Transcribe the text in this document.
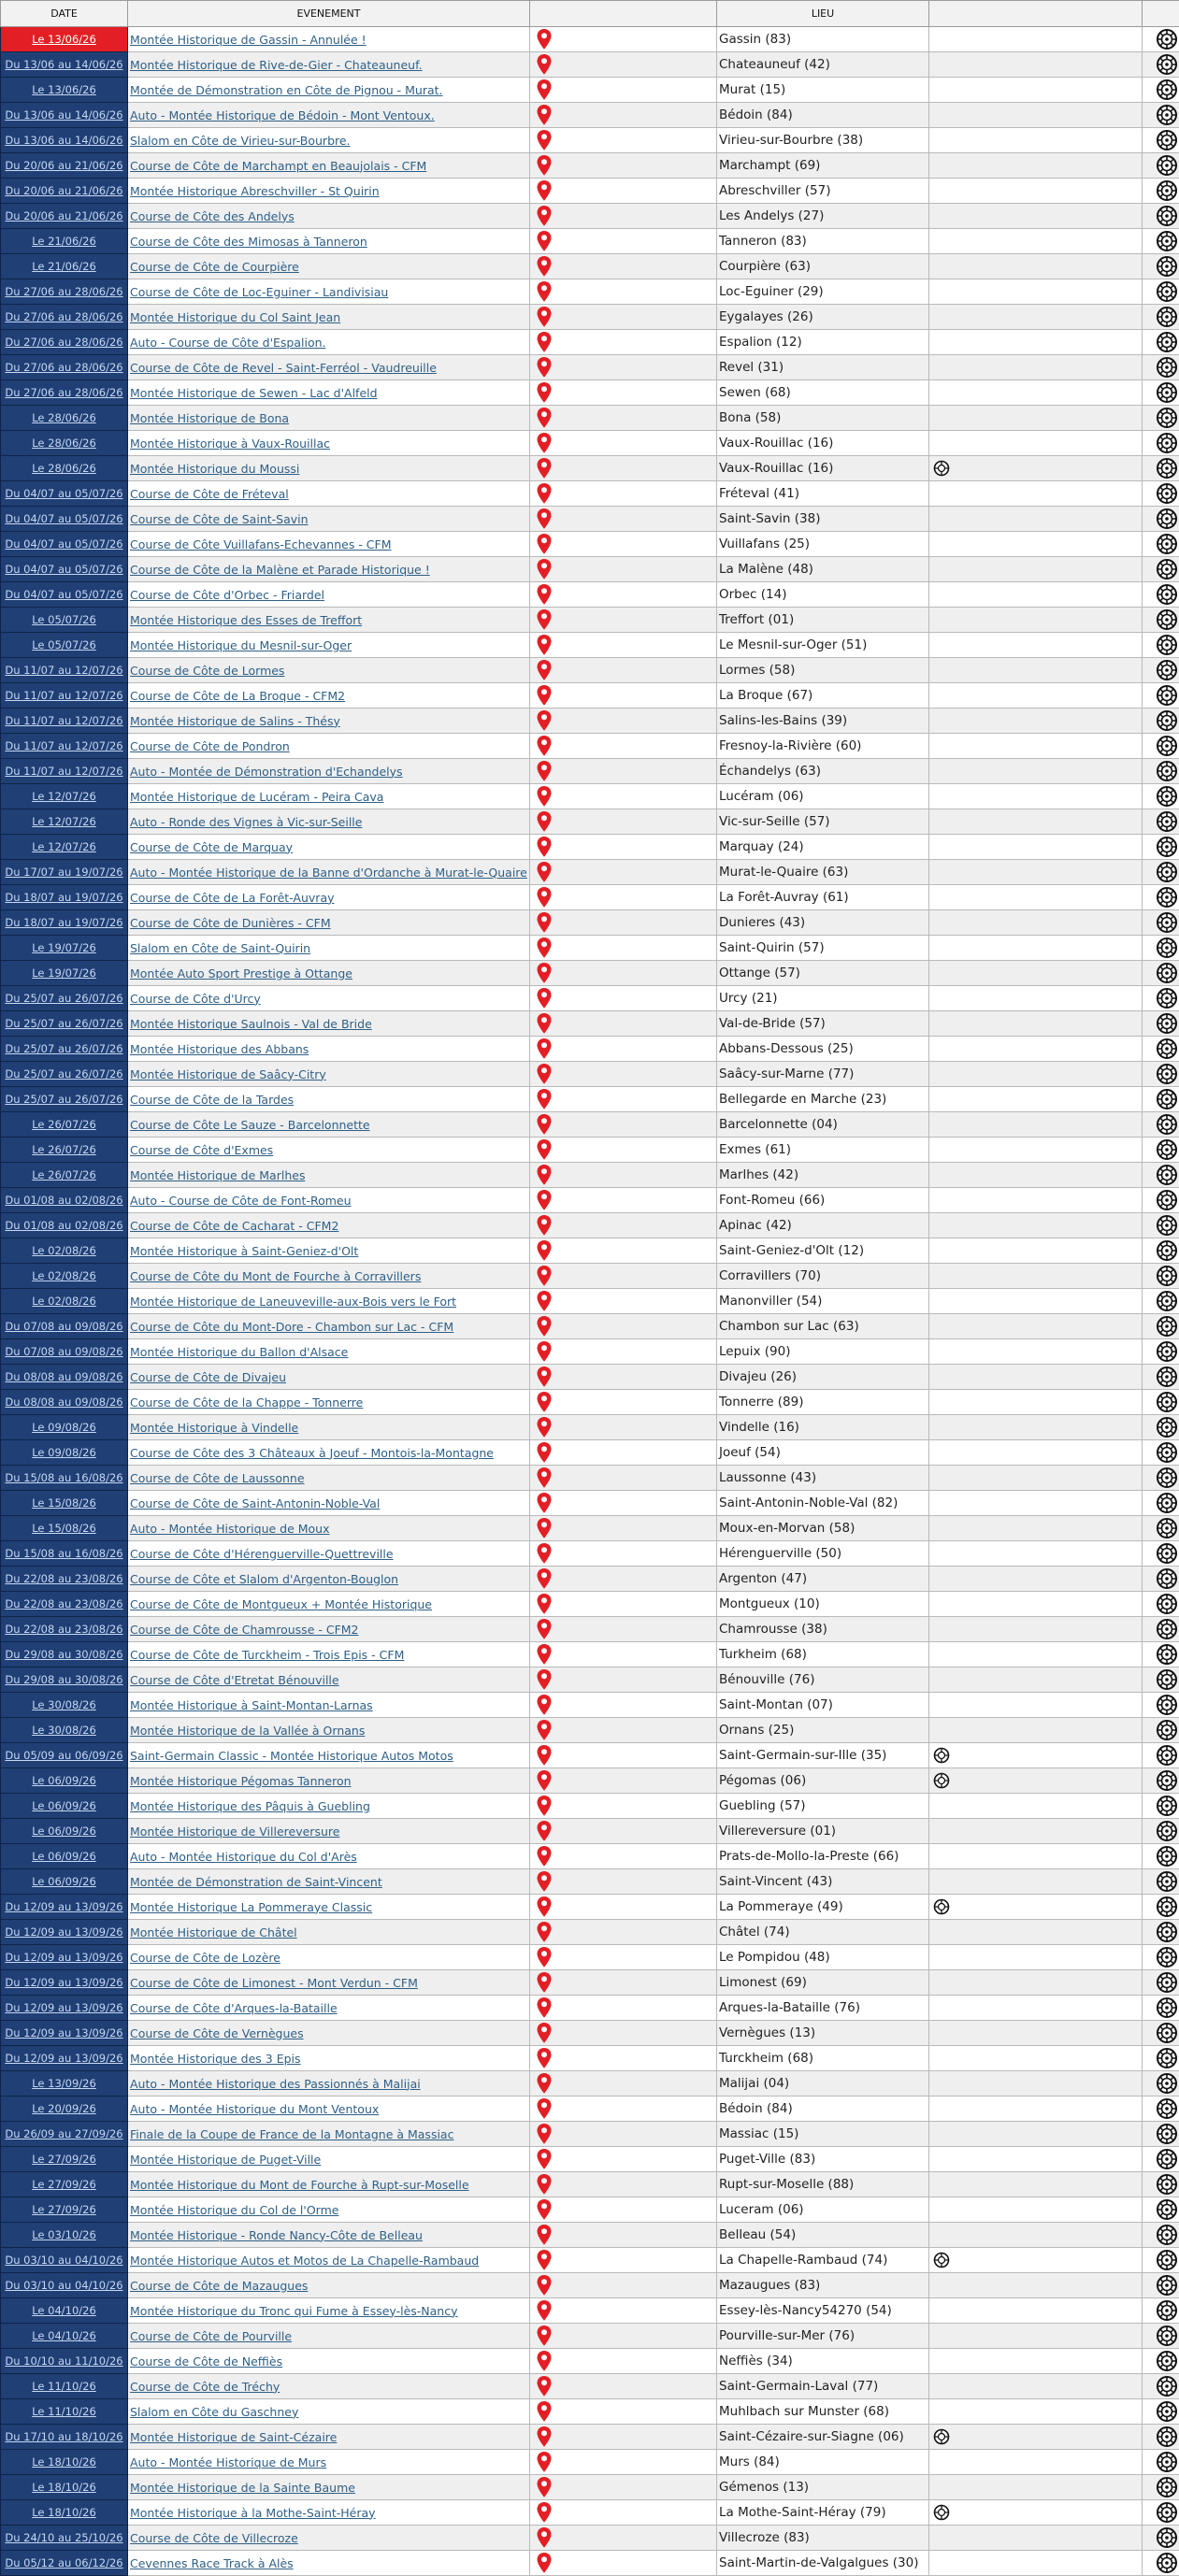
DATE	EVENEMENT		LIEU		
Le 13/06/26	Montée Historique de Gassin - Annulée !		Gassin (83)		
Du 13/06 au 14/06/26	Montée Historique de Rive-de-Gier - Chateauneuf.		Chateauneuf (42)		
Le 13/06/26	Montée de Démonstration en Côte de Pignou - Murat.		Murat (15)		
Du 13/06 au 14/06/26	Auto - Montée Historique de Bédoin - Mont Ventoux.		Bédoin (84)		
Du 13/06 au 14/06/26	Slalom en Côte de Virieu-sur-Bourbre.		Virieu-sur-Bourbre (38)		
Du 20/06 au 21/06/26	Course de Côte de Marchampt en Beaujolais - CFM		Marchampt (69)		
Du 20/06 au 21/06/26	Montée Historique Abreschviller - St Quirin		Abreschviller (57)		
Du 20/06 au 21/06/26	Course de Côte des Andelys		Les Andelys (27)		
Le 21/06/26	Course de Côte des Mimosas à Tanneron		Tanneron (83)		
Le 21/06/26	Course de Côte de Courpière		Courpière (63)		
Du 27/06 au 28/06/26	Course de Côte de Loc-Eguiner - Landivisiau		Loc-Eguiner (29)		
Du 27/06 au 28/06/26	Montée Historique du Col Saint Jean		Eygalayes (26)		
Du 27/06 au 28/06/26	Auto - Course de Côte d'Espalion.		Espalion (12)		
Du 27/06 au 28/06/26	Course de Côte de Revel - Saint-Ferréol - Vaudreuille		Revel (31)		
Du 27/06 au 28/06/26	Montée Historique de Sewen - Lac d'Alfeld		Sewen (68)		
Le 28/06/26	Montée Historique de Bona		Bona (58)		
Le 28/06/26	Montée Historique à Vaux-Rouillac		Vaux-Rouillac (16)		
Le 28/06/26	Montée Historique du Moussi		Vaux-Rouillac (16)		
Du 04/07 au 05/07/26	Course de Côte de Fréteval		Fréteval (41)		
Du 04/07 au 05/07/26	Course de Côte de Saint-Savin		Saint-Savin (38)		
Du 04/07 au 05/07/26	Course de Côte Vuillafans-Echevannes - CFM		Vuillafans (25)		
Du 04/07 au 05/07/26	Course de Côte de la Malène et Parade Historique !		La Malène (48)		
Du 04/07 au 05/07/26	Course de Côte d'Orbec - Friardel		Orbec (14)		
Le 05/07/26	Montée Historique des Esses de Treffort		Treffort (01)		
Le 05/07/26	Montée Historique du Mesnil-sur-Oger		Le Mesnil-sur-Oger (51)		
Du 11/07 au 12/07/26	Course de Côte de Lormes		Lormes (58)		
Du 11/07 au 12/07/26	Course de Côte de La Broque - CFM2		La Broque (67)		
Du 11/07 au 12/07/26	Montée Historique de Salins - Thésy		Salins-les-Bains (39)		
Du 11/07 au 12/07/26	Course de Côte de Pondron		Fresnoy-la-Rivière (60)		
Du 11/07 au 12/07/26	Auto - Montée de Démonstration d'Echandelys		Échandelys (63)		
Le 12/07/26	Montée Historique de Lucéram - Peira Cava		Lucéram (06)		
Le 12/07/26	Auto - Ronde des Vignes à Vic-sur-Seille		Vic-sur-Seille (57)		
Le 12/07/26	Course de Côte de Marquay		Marquay (24)		
Du 17/07 au 19/07/26	Auto - Montée Historique de la Banne d'Ordanche à Murat-le-Quaire		Murat-le-Quaire (63)		
Du 18/07 au 19/07/26	Course de Côte de La Forêt-Auvray		La Forêt-Auvray (61)		
Du 18/07 au 19/07/26	Course de Côte de Dunières - CFM		Dunieres (43)		
Le 19/07/26	Slalom en Côte de Saint-Quirin		Saint-Quirin (57)		
Le 19/07/26	Montée Auto Sport Prestige à Ottange		Ottange (57)		
Du 25/07 au 26/07/26	Course de Côte d'Urcy		Urcy (21)		
Du 25/07 au 26/07/26	Montée Historique Saulnois - Val de Bride		Val-de-Bride (57)		
Du 25/07 au 26/07/26	Montée Historique des Abbans		Abbans-Dessous (25)		
Du 25/07 au 26/07/26	Montée Historique de Saâcy-Citry		Saâcy-sur-Marne (77)		
Du 25/07 au 26/07/26	Course de Côte de la Tardes		Bellegarde en Marche (23)		
Le 26/07/26	Course de Côte Le Sauze - Barcelonnette		Barcelonnette (04)		
Le 26/07/26	Course de Côte d'Exmes		Exmes (61)		
Le 26/07/26	Montée Historique de Marlhes		Marlhes (42)		
Du 01/08 au 02/08/26	Auto - Course de Côte de Font-Romeu		Font-Romeu (66)		
Du 01/08 au 02/08/26	Course de Côte de Cacharat - CFM2		Apinac (42)		
Le 02/08/26	Montée Historique à Saint-Geniez-d'Olt		Saint-Geniez-d'Olt (12)		
Le 02/08/26	Course de Côte du Mont de Fourche à Corravillers		Corravillers (70)		
Le 02/08/26	Montée Historique de Laneuveville-aux-Bois vers le Fort		Manonviller (54)		
Du 07/08 au 09/08/26	Course de Côte du Mont-Dore - Chambon sur Lac - CFM		Chambon sur Lac (63)		
Du 07/08 au 09/08/26	Montée Historique du Ballon d'Alsace		Lepuix (90)		
Du 08/08 au 09/08/26	Course de Côte de Divajeu		Divajeu (26)		
Du 08/08 au 09/08/26	Course de Côte de la Chappe - Tonnerre		Tonnerre (89)		
Le 09/08/26	Montée Historique à Vindelle		Vindelle (16)		
Le 09/08/26	Course de Côte des 3 Châteaux à Joeuf - Montois-la-Montagne		Joeuf (54)		
Du 15/08 au 16/08/26	Course de Côte de Laussonne		Laussonne (43)		
Le 15/08/26	Course de Côte de Saint-Antonin-Noble-Val		Saint-Antonin-Noble-Val (82)		
Le 15/08/26	Auto - Montée Historique de Moux		Moux-en-Morvan (58)		
Du 15/08 au 16/08/26	Course de Côte d'Hérenguerville-Quettreville		Hérenguerville (50)		
Du 22/08 au 23/08/26	Course de Côte et Slalom d'Argenton-Bouglon		Argenton (47)		
Du 22/08 au 23/08/26	Course de Côte de Montgueux + Montée Historique		Montgueux (10)		
Du 22/08 au 23/08/26	Course de Côte de Chamrousse - CFM2		Chamrousse (38)		
Du 29/08 au 30/08/26	Course de Côte de Turckheim - Trois Epis - CFM		Turkheim (68)		
Du 29/08 au 30/08/26	Course de Côte d'Etretat Bénouville		Bénouville (76)		
Le 30/08/26	Montée Historique à Saint-Montan-Larnas		Saint-Montan (07)		
Le 30/08/26	Montée Historique de la Vallée à Ornans		Ornans (25)		
Du 05/09 au 06/09/26	Saint-Germain Classic - Montée Historique Autos Motos		Saint-Germain-sur-Ille (35)		
Le 06/09/26	Montée Historique Pégomas Tanneron		Pégomas (06)		
Le 06/09/26	Montée Historique des Pâquis à Guebling		Guebling (57)		
Le 06/09/26	Montée Historique de Villereversure		Villereversure (01)		
Le 06/09/26	Auto - Montée Historique du Col d'Arès		Prats-de-Mollo-la-Preste (66)		
Le 06/09/26	Montée de Démonstration de Saint-Vincent		Saint-Vincent (43)		
Du 12/09 au 13/09/26	Montée Historique La Pommeraye Classic		La Pommeraye (49)		
Du 12/09 au 13/09/26	Montée Historique de Châtel		Châtel (74)		
Du 12/09 au 13/09/26	Course de Côte de Lozère		Le Pompidou (48)		
Du 12/09 au 13/09/26	Course de Côte de Limonest - Mont Verdun - CFM		Limonest (69)		
Du 12/09 au 13/09/26	Course de Côte d'Arques-la-Bataille		Arques-la-Bataille (76)		
Du 12/09 au 13/09/26	Course de Côte de Vernègues		Vernègues (13)		
Du 12/09 au 13/09/26	Montée Historique des 3 Epis		Turckheim (68)		
Le 13/09/26	Auto - Montée Historique des Passionnés à Malijai		Malijai (04)		
Le 20/09/26	Auto - Montée Historique du Mont Ventoux		Bédoin (84)		
Du 26/09 au 27/09/26	Finale de la Coupe de France de la Montagne à Massiac		Massiac (15)		
Le 27/09/26	Montée Historique de Puget-Ville		Puget-Ville (83)		
Le 27/09/26	Montée Historique du Mont de Fourche à Rupt-sur-Moselle		Rupt-sur-Moselle (88)		
Le 27/09/26	Montée Historique du Col de l'Orme		Luceram (06)		
Le 03/10/26	Montée Historique - Ronde Nancy-Côte de Belleau		Belleau (54)		
Du 03/10 au 04/10/26	Montée Historique Autos et Motos de La Chapelle-Rambaud		La Chapelle-Rambaud (74)		
Du 03/10 au 04/10/26	Course de Côte de Mazaugues		Mazaugues (83)		
Le 04/10/26	Montée Historique du Tronc qui Fume à Essey-lès-Nancy		Essey-lès-Nancy54270 (54)		
Le 04/10/26	Course de Côte de Pourville		Pourville-sur-Mer (76)		
Du 10/10 au 11/10/26	Course de Côte de Neffiès		Neffiès (34)		
Le 11/10/26	Course de Côte de Tréchy		Saint-Germain-Laval (77)		
Le 11/10/26	Slalom en Côte du Gaschney		Muhlbach sur Munster (68)		
Du 17/10 au 18/10/26	Montée Historique de Saint-Cézaire		Saint-Cézaire-sur-Siagne (06)		
Le 18/10/26	Auto - Montée Historique de Murs		Murs (84)		
Le 18/10/26	Montée Historique de la Sainte Baume		Gémenos (13)		
Le 18/10/26	Montée Historique à la Mothe-Saint-Héray		La Mothe-Saint-Héray (79)		
Du 24/10 au 25/10/26	Course de Côte de Villecroze		Villecroze (83)		
Du 05/12 au 06/12/26	Cevennes Race Track à Alès		Saint-Martin-de-Valgalgues (30)		
